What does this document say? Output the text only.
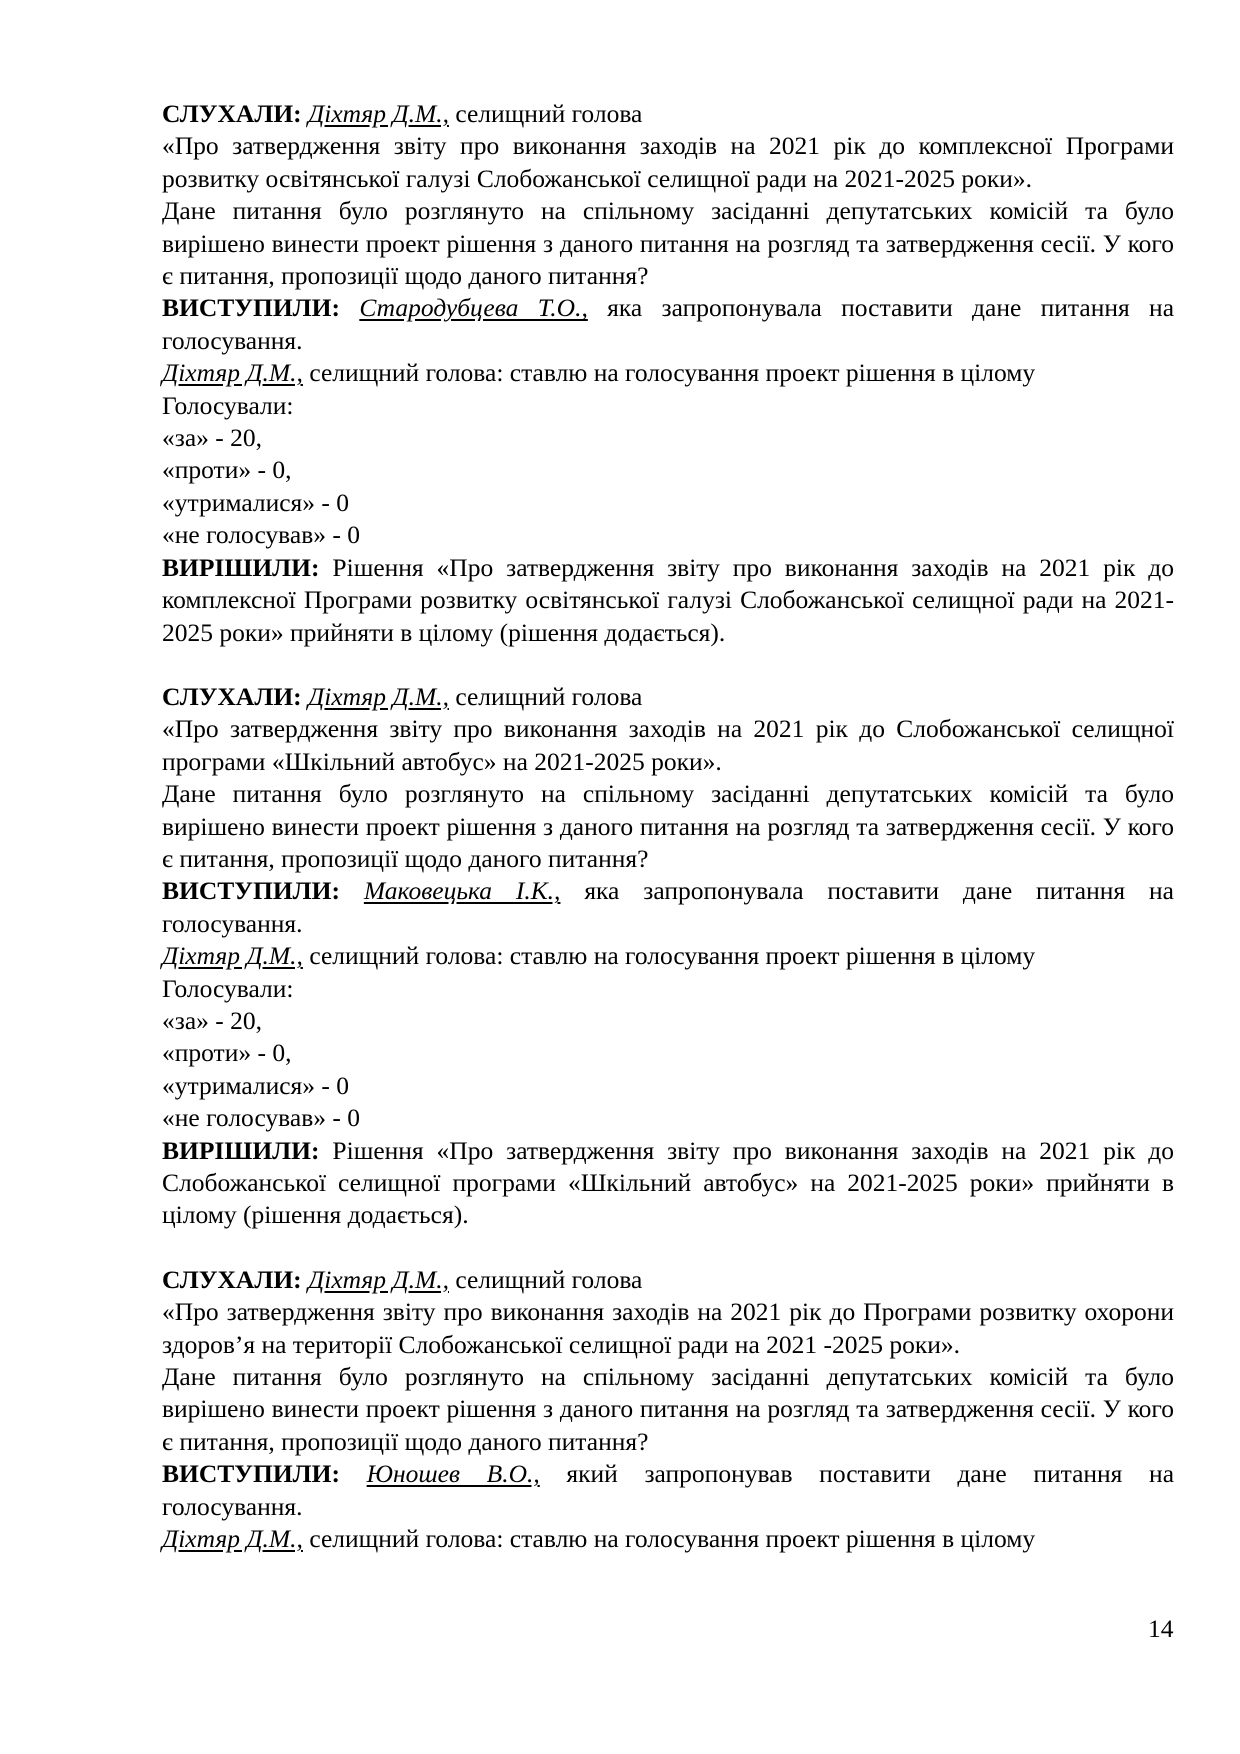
СЛУХАЛИ: Діхтяр Д.М., селищний голова

«Про затвердження звіту про виконання заходів на 2021 рік до комплексної Програми розвитку освітянської галузі Слобожанської селищної ради на 2021-2025 роки».

Дане питання було розглянуто на спільному засіданні депутатських комісій та було вирішено винести проект рішення з даного питання на розгляд та затвердження сесії. У кого є питання, пропозиції щодо даного питання?

ВИСТУПИЛИ: Стародубцева Т.О., яка запропонувала поставити дане питання на

голосування.

Діхтяр Д.М., селищний голова: ставлю на голосування проект рішення в цілому

Голосували:

«за» - 20,

«проти» - 0,

«утрималися» - 0

«не голосував» - 0

ВИРІШИЛИ: Рішення «Про затвердження звіту про виконання заходів на 2021 рік до комплексної Програми розвитку освітянської галузі Слобожанської селищної ради на 2021-2025 роки» прийняти в цілому (рішення додається).

СЛУХАЛИ: Діхтяр Д.М., селищний голова

«Про затвердження звіту про виконання заходів на 2021 рік до Слобожанської селищної програми «Шкільний автобус» на 2021-2025 роки».

Дане питання було розглянуто на спільному засіданні депутатських комісій та було вирішено винести проект рішення з даного питання на розгляд та затвердження сесії. У кого є питання, пропозиції щодо даного питання?

ВИСТУПИЛИ: Маковецька І.К., яка запропонувала поставити дане питання на

голосування.

Діхтяр Д.М., селищний голова: ставлю на голосування проект рішення в цілому

Голосували:

«за» - 20,

«проти» - 0,

«утрималися» - 0

«не голосував» - 0

ВИРІШИЛИ: Рішення «Про затвердження звіту про виконання заходів на 2021 рік до Слобожанської селищної програми «Шкільний автобус» на 2021-2025 роки» прийняти в цілому (рішення додається).

СЛУХАЛИ: Діхтяр Д.М., селищний голова

«Про затвердження звіту про виконання заходів на 2021 рік до Програми розвитку охорони здоров’я на території Слобожанської селищної ради на 2021 -2025 роки».

Дане питання було розглянуто на спільному засіданні депутатських комісій та було вирішено винести проект рішення з даного питання на розгляд та затвердження сесії. У кого є питання, пропозиції щодо даного питання?

ВИСТУПИЛИ: Юношев В.О., який запропонував поставити дане питання на

голосування.

Діхтяр Д.М., селищний голова: ставлю на голосування проект рішення в цілому

14
